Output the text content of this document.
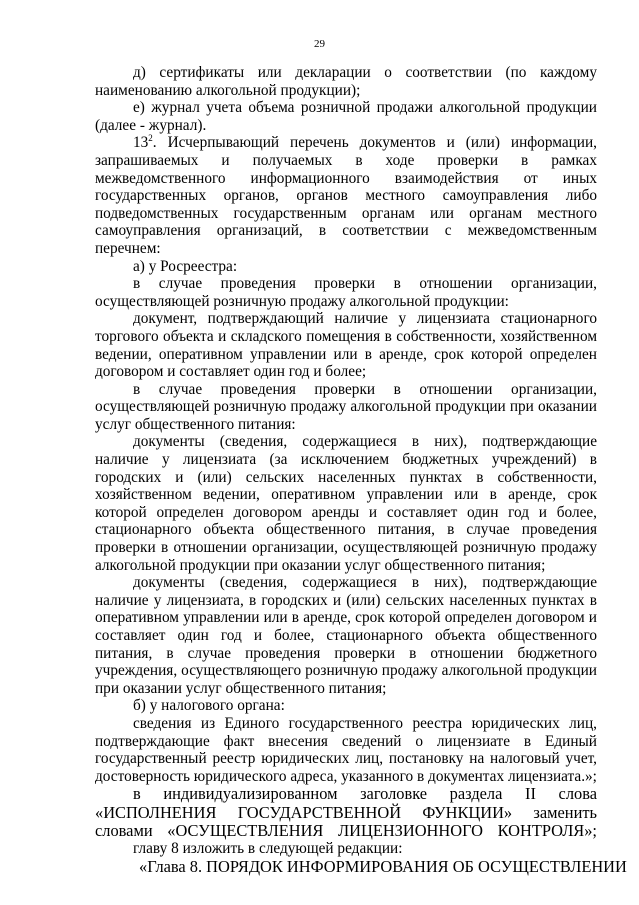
29

д) сертификаты или декларации о соответствии (по каждому наименованию алкогольной продукции);

е) журнал учета объема розничной продажи алкогольной продукции (далее - журнал).

$13^2$. Исчерпывающий перечень документов и (или) информации, запрашиваемых и получаемых в ходе проверки в рамках межведомственного информационного взаимодействия от иных государственных органов, органов местного самоуправления либо подведомственных государственным органам или органам местного самоуправления организаций, в соответствии с межведомственным перечнем:

а) у Росреестра:

в случае проведения проверки в отношении организации, осуществляющей розничную продажу алкогольной продукции:

документ, подтверждающий наличие у лицензиата стационарного торгового объекта и складского помещения в собственности, хозяйственном ведении, оперативном управлении или в аренде, срок которой определен договором и составляет один год и более;

в случае проведения проверки в отношении организации, осуществляющей розничную продажу алкогольной продукции при оказании услуг общественного питания:

документы (сведения, содержащиеся в них), подтверждающие наличие у лицензиата (за исключением бюджетных учреждений) в городских и (или) сельских населенных пунктах в собственности, хозяйственном ведении, оперативном управлении или в аренде, срок которой определен договором аренды и составляет один год и более, стационарного объекта общественного питания, в случае проведения проверки в отношении организации, осуществляющей розничную продажу алкогольной продукции при оказании услуг общественного питания;

документы (сведения, содержащиеся в них), подтверждающие наличие у лицензиата, в городских и (или) сельских населенных пунктах в оперативном управлении или в аренде, срок которой определен договором и составляет один год и более, стационарного объекта общественного питания, в случае проведения проверки в отношении бюджетного учреждения, осуществляющего розничную продажу алкогольной продукции при оказании услуг общественного питания;

б) у налогового органа:

сведения из Единого государственного реестра юридических лиц, подтверждающие факт внесения сведений о лицензиате в Единый государственный реестр юридических лиц, постановку на налоговый учет, достоверность юридического адреса, указанного в документах лицензиата.»;

в индивидуализированном заголовке раздела II слова «ИСПОЛНЕНИЯ ГОСУДАРСТВЕННОЙ ФУНКЦИИ» заменить словами «ОСУЩЕСТВЛЕНИЯ ЛИЦЕНЗИОННОГО КОНТРОЛЯ»;

главу 8 изложить в следующей редакции:

«Глава 8. ПОРЯДОК ИНФОРМИРОВАНИЯ ОБ ОСУЩЕСТВЛЕНИИ
